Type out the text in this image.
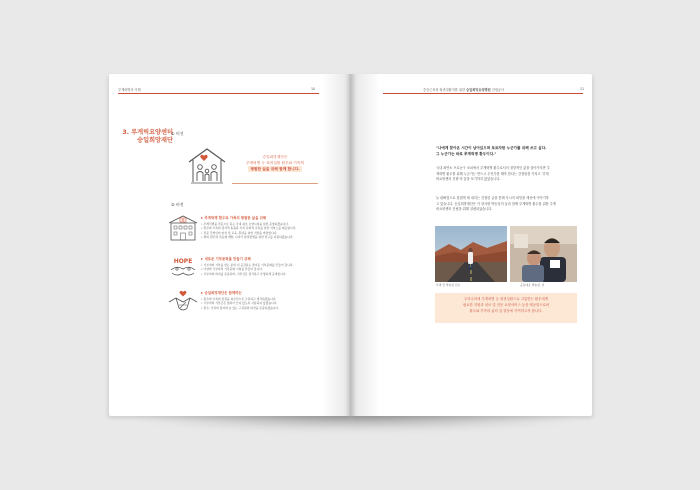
루게릭병의 이해	10
3. 루게릭요양센터
승일희망재단
① 미션
승일희망재단은
루게릭병 등 희귀질환 환우와 가족의
평범한 삶을 위해 함께 합니다.
② 비전
루게릭병 환우와 가족의 평범한 삶을 위해
• 루게릭병을 전문으로 하는 국내 최초 요양시설을 설립·운영하겠습니다.
• 환우와 가족의 정서적 돌봄과 가족·사회적 교류를 위한 서비스를 제공합니다.
• 전문 간병인의 양성 및 교육, 훈련을 위한 기반을 마련합니다.
• 병의 원인과 치료제 개발, 나아가 완치방법을 위한 연구를 지원하겠습니다.
HOPE	새로운 기부문화를 만들기 위해
• 기부자와 기부를 받는 분의 더 공감하는 즐거운 기부문화를 만들어 갑니다.
• 다양한 기부자의 기부문화 기회를 만들어 갑니다.
• 기부자의 의지를 존중하며, 기부금은 정직하고 투명하게 공개합니다.
승일희망재단은 함께하는
• 환우와 가족의 입장을 최우선으로 고민하고 생각하겠습니다.
• 기부자의 기부금은 헛되이 쓰지 않도록 사용하지 않겠습니다.
• 환우, 가족의 입자와 늘 있는 구성원의 의견을 존중하겠습니다.
중증근육성 희귀질환자를 위한 승일희망요양병원 건립공사	11
"나에게 찾아온 시간이 남아있으며 포르자한 누군가를 위해 쓰고 싶다.
그 누군가는 바로 루게릭병 환우이다."
국내 최연소 프로농구 코치에서 루게릭병 환우로서의 절망적인 삶을 살아가지만 루
게릭병 환우를 위해 누군가는 반드시 무언가를 해야 한다는 간절함을 가지고 '루게
릭요양센터 건립'의 꿈을 포기하지 않았습니다.
늘 판빠접으로 힘겹게 세 내리는 간절한 글을 통해 사시의 희망을 세상에 이야기하
고 있습니다. 승일희망재단은 이 한사람 박승일의 꿈과 함께 루게릭병 환우를 위한 루게
릭요양센터 건립을 위해 설립되었습니다.
투병 전 박승일 선수	공동대표 박승일, 션
우리나라에 루게릭병 등 희귀질환으로 고통받는 환우에게
필요한 지원과 치료 및 전문 요양서비스 등을 제공함으로써
환우와 가족의 삶의 질 향상에 기여하고자 합니다.
